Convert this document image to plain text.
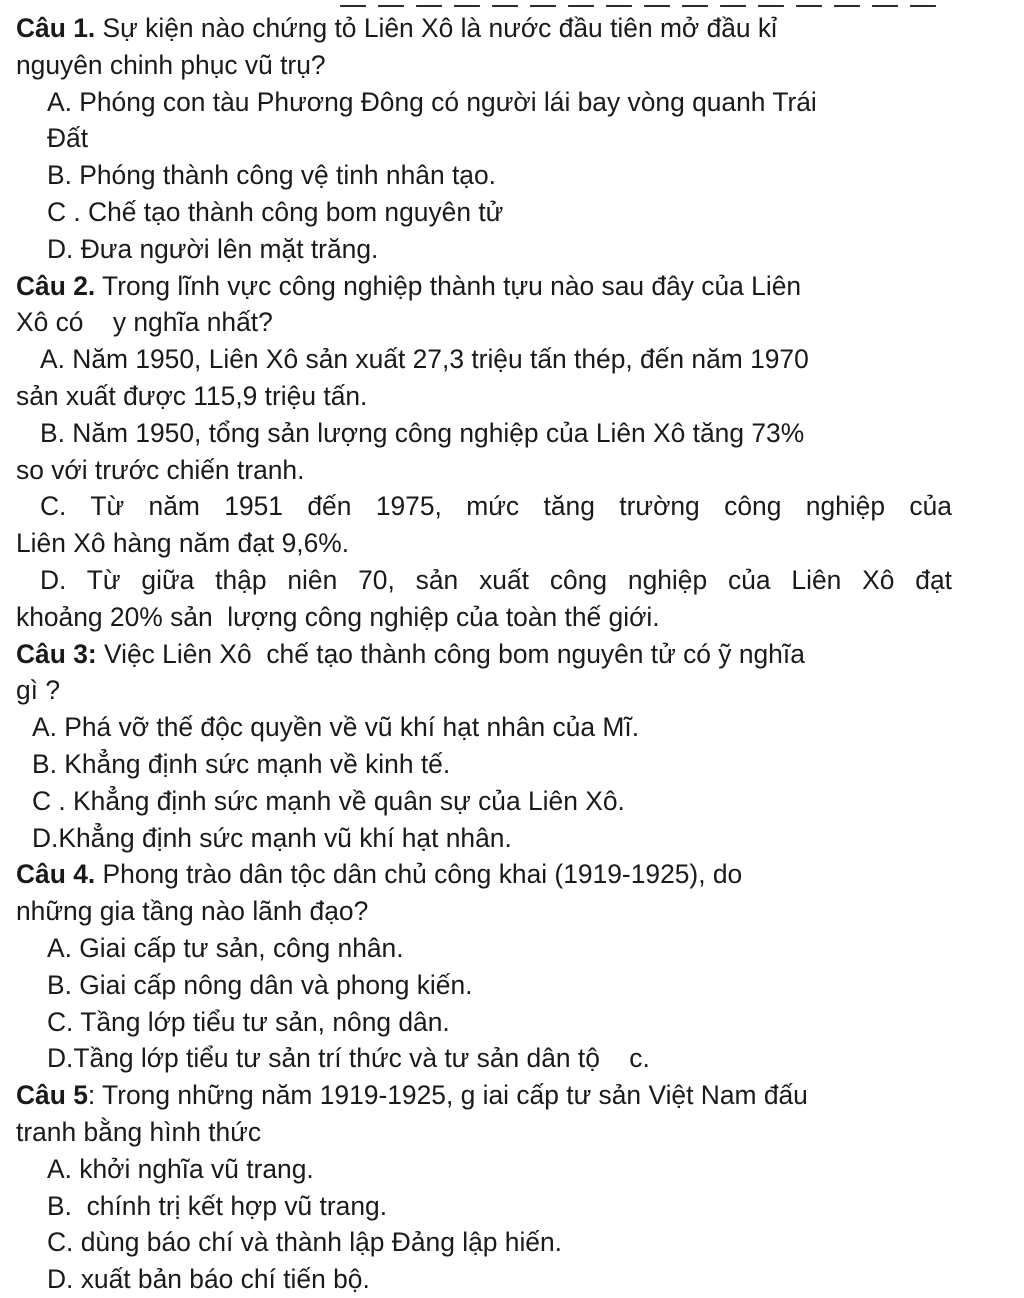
Câu 1. Sự kiện nào chứng tỏ Liên Xô là nước đầu tiên mở đầu kỉ
nguyên chinh phục vũ trụ?
A. Phóng con tàu Phương Đông có người lái bay vòng quanh Trái
Đất
B. Phóng thành công vệ tinh nhân tạo.
C . Chế tạo thành công bom nguyên tử
D. Đưa người lên mặt trăng.
Câu 2. Trong lĩnh vực công nghiệp thành tựu nào sau đây của Liên
Xô có    y nghĩa nhất?
A. Năm 1950, Liên Xô sản xuất 27,3 triệu tấn thép, đến năm 1970
sản xuất được 115,9 triệu tấn.
B. Năm 1950, tổng sản lượng công nghiệp của Liên Xô tăng 73%
so với trước chiến tranh.
C. Từ năm 1951 đến 1975, mức tăng trường công nghiệp của
Liên Xô hàng năm đạt 9,6%.
D. Từ giữa thập niên 70, sản xuất công nghiệp của Liên Xô đạt
khoảng 20% sản  lượng công nghiệp của toàn thế giới.
Câu 3: Việc Liên Xô  chế tạo thành công bom nguyên tử có ỹ nghĩa
gì ?
A. Phá vỡ thế độc quyền về vũ khí hạt nhân của Mĩ.
B. Khẳng định sức mạnh về kinh tế.
C . Khẳng định sức mạnh về quân sự của Liên Xô.
D.Khẳng định sức mạnh vũ khí hạt nhân.
Câu 4. Phong trào dân tộc dân chủ công khai (1919-1925), do
những gia tầng nào lãnh đạo?
A. Giai cấp tư sản, công nhân.
B. Giai cấp nông dân và phong kiến.
C. Tầng lớp tiểu tư sản, nông dân.
D.Tầng lớp tiểu tư sản trí thức và tư sản dân tộ    c.
Câu 5: Trong những năm 1919-1925, g iai cấp tư sản Việt Nam đấu
tranh bằng hình thức
A. khởi nghĩa vũ trang.
B.  chính trị kết hợp vũ trang.
C. dùng báo chí và thành lập Đảng lập hiến.
D. xuất bản báo chí tiến bộ.
